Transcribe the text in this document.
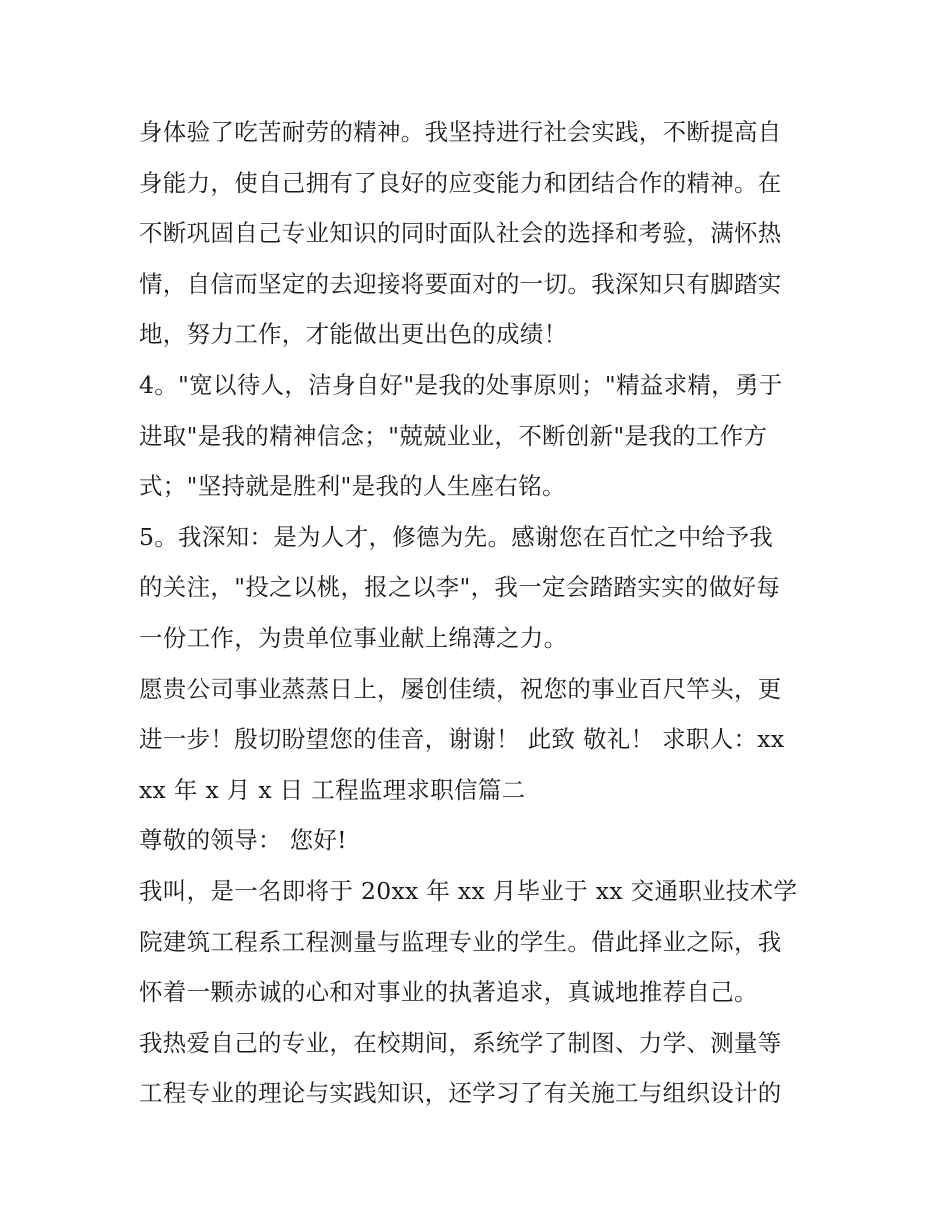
身体验了吃苦耐劳的精神。我坚持进行社会实践，不断提高自
身能力，使自己拥有了良好的应变能力和团结合作的精神。在
不断巩固自己专业知识的同时面队社会的选择和考验，满怀热
情，自信而坚定的去迎接将要面对的一切。我深知只有脚踏实
地，努力工作，才能做出更出色的成绩！
4。"宽以待人，洁身自好"是我的处事原则；"精益求精，勇于
进取"是我的精神信念；"兢兢业业，不断创新"是我的工作方
式；"坚持就是胜利"是我的人生座右铭。
5。我深知：是为人才，修德为先。感谢您在百忙之中给予我
的关注，"投之以桃，报之以李"，我一定会踏踏实实的做好每
一份工作，为贵单位事业献上绵薄之力。
愿贵公司事业蒸蒸日上，屡创佳绩，祝您的事业百尺竿头，更
进一步！殷切盼望您的佳音，谢谢！ 此致 敬礼！ 求职人：xx
xx 年 x 月 x 日 工程监理求职信篇二
尊敬的领导： 您好!
我叫，是一名即将于 20xx 年 xx 月毕业于 xx 交通职业技术学
院建筑工程系工程测量与监理专业的学生。借此择业之际，我
怀着一颗赤诚的心和对事业的执著追求，真诚地推荐自己。
我热爱自己的专业，在校期间，系统学了制图、力学、测量等
工程专业的理论与实践知识，还学习了有关施工与组织设计的
